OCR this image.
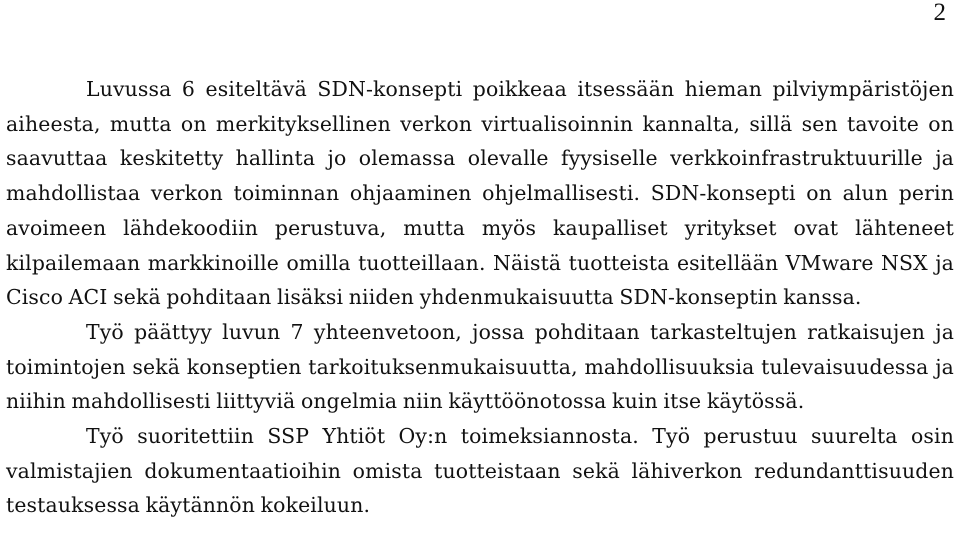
2

Luvussa 6 esiteltävä SDN-konsepti poikkeaa itsessään hieman pilviympäristöjen aiheesta, mutta on merkityksellinen verkon virtualisoinnin kannalta, sillä sen tavoite on saavuttaa keskitetty hallinta jo olemassa olevalle fyysiselle verkkoinfrastruktuurille ja mahdollistaa verkon toiminnan ohjaaminen ohjelmallisesti. SDN-konsepti on alun perin avoimeen lähdekoodiin perustuva, mutta myös kaupalliset yritykset ovat lähteneet kilpailemaan markkinoille omilla tuotteillaan. Näistä tuotteista esitellään VMware NSX ja Cisco ACI sekä pohditaan lisäksi niiden yhdenmukaisuutta SDN-konseptin kanssa.

Työ päättyy luvun 7 yhteenvetoon, jossa pohditaan tarkasteltujen ratkaisujen ja toimintojen sekä konseptien tarkoituksenmukaisuutta, mahdollisuuksia tulevaisuudessa ja niihin mahdollisesti liittyviä ongelmia niin käyttöönotossa kuin itse käytössä.

Työ suoritettiin SSP Yhtiöt Oy:n toimeksiannosta. Työ perustuu suurelta osin valmistajien dokumentaatioihin omista tuotteistaan sekä lähiverkon redundanttisuuden testauksessa käytännön kokeiluun.
